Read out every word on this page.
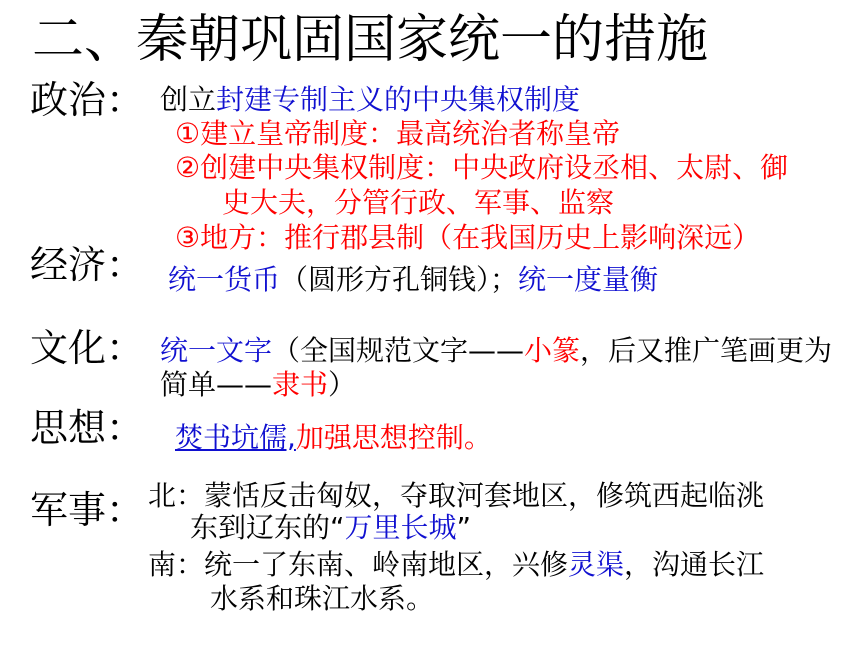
二、秦朝巩固国家统一的措施
政治：
经济：
文化：
思想：
军事：
创立封建专制主义的中央集权制度
①建立皇帝制度：最高统治者称皇帝
②创建中央集权制度：中央政府设丞相、太尉、御
史大夫，分管行政、军事、监察
③地方：推行郡县制（在我国历史上影响深远）
统一货币（圆形方孔铜钱）；统一度量衡
统一文字（全国规范文字——小篆，后又推广笔画更为
简单——隶书）
焚书坑儒,加强思想控制。
北：蒙恬反击匈奴，夺取河套地区，修筑西起临洮
东到辽东的“万里长城”
南：统一了东南、岭南地区，兴修灵渠，沟通长江
水系和珠江水系。
